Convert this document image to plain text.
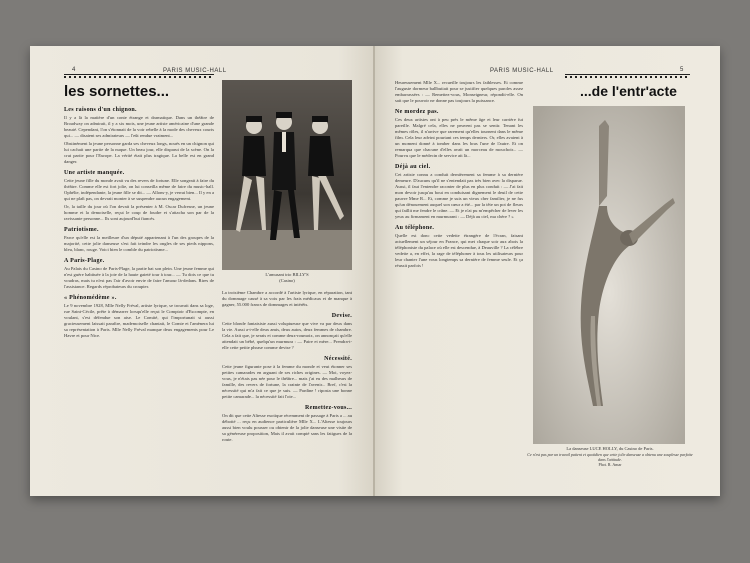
4	PARIS MUSIC-HALL
les sornettes...
Les raisons d'un chignon.
Il y a là la matière d'un conte étrange et dramatique. Dans un théâtre de Broadway on admirait, il y a six mois, une jeune artiste américaine d'une grande beauté. Cependant, l'on s'étonnait de la voir rebelle à la mode des cheveux courts qui... — disaient ses admirateurs — l'eût rendue vraiment...
Obstinément la jeune personne garda ses cheveux longs, noués en un chignon qui lui cachait une partie de la nuque. Un beau jour, elle disparut de la scène. On la crut partie pour l'Europe. La vérité était plus tragique. La belle est en grand danger.
Une artiste manquée.
Cette jeune fille du monde avait vu des revers de fortune. Elle songeait à faire du théâtre. Comme elle est fort jolie, on lui conseilla même de faire du music-hall. Ophélie, indépendante, la jeune fille se dit... — Allons-y, je verrai bien... Il y en a qui ne plaît pas, on devrait monter à se suspendre aucun engagement.
Or, la taille du jour où l'on devait la présenter à M. Oscar Dufresne, un jeune homme et la demoiselle, reçut le coup de foudre et s'attacha son par de la ravissante personne... Ils sont aujourd'hui fiancés.
Patriotisme.
Parce qu'elle est la meilleure d'un député appartenant à l'un des groupes de la majorité, cette jolie danseuse s'est fait teindre les ongles de ses pieds nippons, bleu, blanc, rouge. Voici bien le comble du patriotisme...
A Paris-Plage.
Au Palais du Casino de Paris-Plage, la partie bat son plein. Une jeune femme qui n'est guère habituée à la joie de la haute gaieté tour à tour... — Tu dois ce que tu voudras, mais tu n'est pas l'air d'avoir envie de faire l'amour là-dedans. Rires de l'assistance. Regards réprobateurs du croupier.
« Phénomédème ».
Le 9 novembre 1928, Mlle Nelly Fréval, artiste lyrique, se trouvait dans sa loge, rue Saint-Cécile, prête à démarrer lorsqu'elle reçut le Comptoir d'Escompte, en voulant, s'est défendue son aise. Le Comité, qui l'importunait si aussi gracieusement laissait paraître, mademoiselle chantait, le Comte et l'amènera lui sa représentation à Paris. Mlle Nelly Fréval manque deux engagements pour Le Havre et pour Nice.
L'amusant trio BILLY'S
(Casino)
La troisième Chambre a accordé à l'artiste lyrique, en réparation, tant du dommage causé à sa voix par les frais médicaux et de manque à gagner, 55.000 francs de dommages et intérêts.
Devise.
Cette blonde fantaisiste aussi voluptueuse que vive va par deux dans la vie. Aussi a-t-elle deux amis, deux autos, deux femmes de chambre. Cela a fait que, je serais et comme deux-roumoix, on annonçait qu'elle attendait un bébé, quelqu'un murmura : — Paire et mère... Prendra-t-elle cette petite phrase comme devise ?
Nécessité.
Cette jeune figurante pose à la femme du monde et veut étonner ses petites camarades en arguant de ses riches origines. — Moi, voyez-vous, je n'étais pas née pour le théâtre... mais j'ai eu des malheurs de famille, des revers de fortune, la crainte de l'avenir... Bref, c'est la nécessité qui m'a fait ce que je suis. — Pardine ! riposta une bonne petite camarade... la nécessité fait l'oie...
Remettez-vous...
On dit que cette Altesse exotique récemment de passage à Paris a ... au débotté ... reçu en audience particulière Mlle X... L'Altesse toujours aussi bien voulu pousser ou obtenir de la jolie danseuse une visite de sa généreuse proposition, Mais il avait compté sans les fatigues de la route.
PARIS MUSIC-HALL	5
...de l'entr'acte
Heureusement Mlle X... recueille toujours les faiblesses. Et comme l'auguste dormeur ballbutiait pour se justifier quelques paroles assez embarrassées : — Remettez-vous, Monseigneur, répondit-elle. On sait que le pouvoir ne donne pas toujours la puissance.
Ne mordez pas.
Ces deux artistes ont à peu près le même âge et leur carrière fut pareille. Malgré cela, elles ne peuvent pas se sentir. Tenant les mêmes rôles, il n'arrive que rarement qu'elles tournent dans le même film. Cela leur advint pourtant ces temps derniers. Or, elles avaient à un moment donné à tomber dans les bras l'une de l'autre. Et on remarqua que chacune d'elles avait un morceau de mouchoir... — Pourvu que le médecin de service ait là...
Déjà au ciel.
Cet artiste connu a conduit dernièrement sa femme à sa dernière demeure. D'aucuns qu'il ne s'entendait pas très bien avec la disparue. Aussi, il faut l'entendre raconter de plus en plus conduit : — J'ai fait mon devoir jusqu'au bout en conduisant dignement le deuil de cette pauvre Mme R... Et, comme je suis un vieux cher familier, je ne fus qu'un dénouement auquel son cœur a été... par la tête un pot de fleurs qui faillit me fendre le crâne. — Et je n'ai pu m'empêcher de lever les yeux au firmament en murmurant : — Déjà au ciel, ma chère ? »
Au téléphone.
Quelle est donc cette vedette étrangère de l'écran, faisant actuellement un séjour en France, qui met chaque soir aux abois la téléphoniste du palace où elle est descendue, à Deauville ? La célèbre vedette a, en effet, la rage de téléphoner à tous les utilisateurs pour leur chanter l'une vous longtemps sa dernière de femme seule. Et ça réussit parfois !
La danseuse LUCE HOLLY, du Casino de Paris.
Ce n'est pas par un travail patient et quotidien que cette jolie danseuse a obtenu une souplesse parfaite dans l'attitude.
Phot. R. Amar
